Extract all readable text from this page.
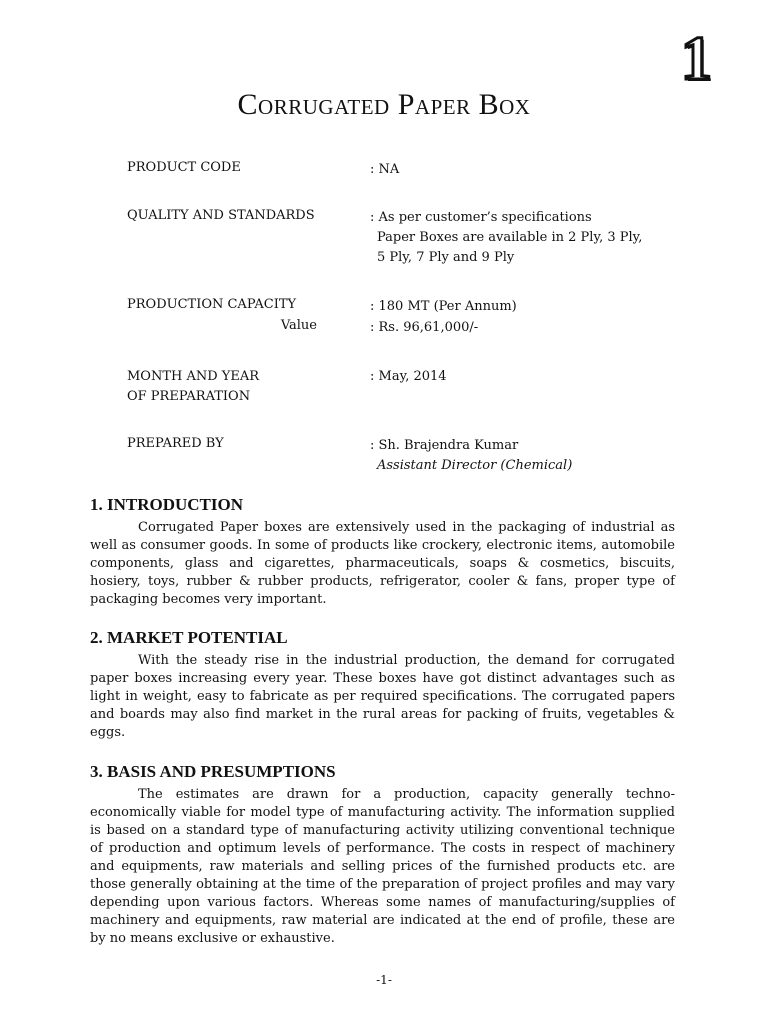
1
Corrugated Paper Box
PRODUCT CODE	: NA
QUALITY AND STANDARDS	: As per customer’s specifications
Paper Boxes are available in 2 Ply, 3 Ply,
5 Ply, 7 Ply and 9 Ply
PRODUCTION CAPACITY	: 180 MT (Per Annum)
Value	: Rs. 96,61,000/-
MONTH AND YEAR
OF PREPARATION
: May, 2014
PREPARED BY	: Sh. Brajendra Kumar
Assistant Director (Chemical)
1. INTRODUCTION

Corrugated Paper boxes are extensively used in the packaging of industrial as well as consumer goods. In some of products like crockery, electronic items, automobile components, glass and cigarettes, pharmaceuticals, soaps & cosmetics, biscuits, hosiery, toys, rubber & rubber products, refrigerator, cooler & fans, proper type of packaging becomes very important.

2. MARKET POTENTIAL

With the steady rise in the industrial production, the demand for corrugated paper boxes increasing every year. These boxes have got distinct advantages such as light in weight, easy to fabricate as per required specifications. The corrugated papers and boards may also find market in the rural areas for packing of fruits, vegetables & eggs.

3. BASIS AND PRESUMPTIONS

The estimates are drawn for a production, capacity generally techno-economically viable for model type of manufacturing activity. The information supplied is based on a standard type of manufacturing activity utilizing conventional technique of production and optimum levels of performance. The costs in respect of machinery and equipments, raw materials and selling prices of the furnished products etc. are those generally obtaining at the time of the preparation of project profiles and may vary depending upon various factors. Whereas some names of manufacturing/supplies of machinery and equipments, raw material are indicated at the end of profile, these are by no means exclusive or exhaustive.

-1-
